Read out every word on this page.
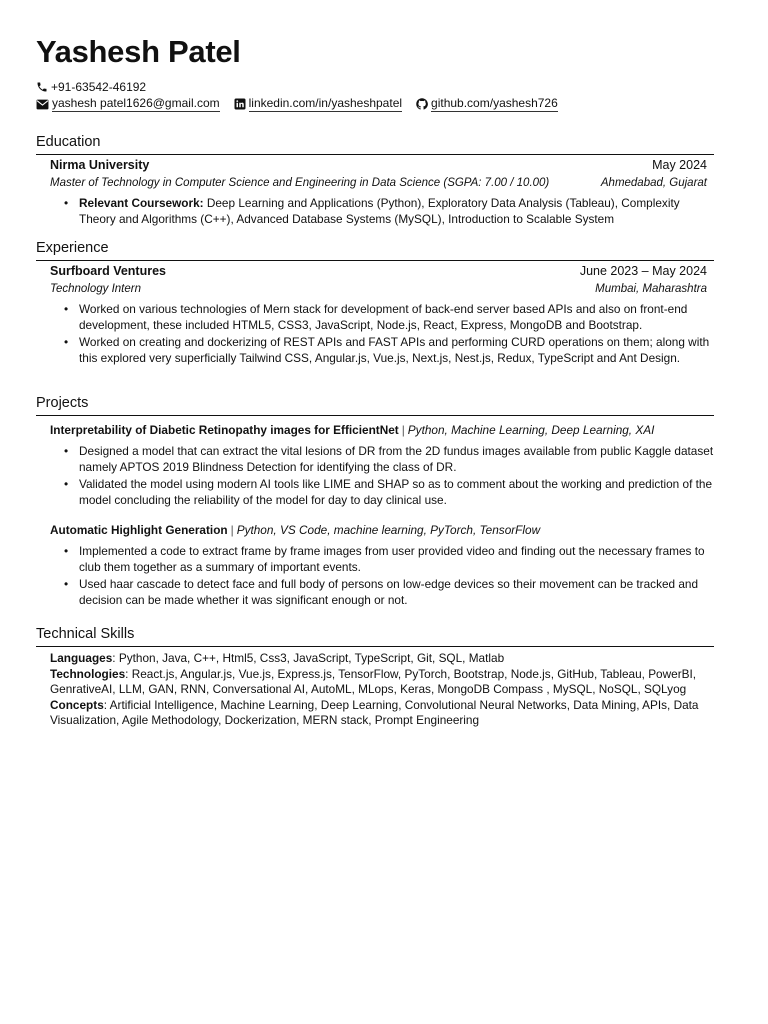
Yashesh Patel
+91-63542-46192
yashesh patel1626@gmail.com linkedin.com/in/yasheshpatel github.com/yashesh726
Education
Nirma University	May 2024
Master of Technology in Computer Science and Engineering in Data Science (SGPA: 7.00 / 10.00)	Ahmedabad, Gujarat
• Relevant Coursework: Deep Learning and Applications (Python), Exploratory Data Analysis (Tableau), Complexity Theory and Algorithms (C++), Advanced Database Systems (MySQL), Introduction to Scalable System
Experience
Surfboard Ventures	June 2023 – May 2024
Technology Intern	Mumbai, Maharashtra
• Worked on various technologies of Mern stack for development of back-end server based APIs and also on front-end development, these included HTML5, CSS3, JavaScript, Node.js, React, Express, MongoDB and Bootstrap.
• Worked on creating and dockerizing of REST APIs and FAST APIs and performing CURD operations on them; along with this explored very superficially Tailwind CSS, Angular.js, Vue.js, Next.js, Nest.js, Redux, TypeScript and Ant Design.
Projects
Interpretability of Diabetic Retinopathy images for EfficientNet | Python, Machine Learning, Deep Learning, XAI
• Designed a model that can extract the vital lesions of DR from the 2D fundus images available from public Kaggle dataset namely APTOS 2019 Blindness Detection for identifying the class of DR.
• Validated the model using modern AI tools like LIME and SHAP so as to comment about the working and prediction of the model concluding the reliability of the model for day to day clinical use.
Automatic Highlight Generation | Python, VS Code, machine learning, PyTorch, TensorFlow
• Implemented a code to extract frame by frame images from user provided video and finding out the necessary frames to club them together as a summary of important events.
• Used haar cascade to detect face and full body of persons on low-edge devices so their movement can be tracked and decision can be made whether it was significant enough or not.
Technical Skills
Languages: Python, Java, C++, Html5, Css3, JavaScript, TypeScript, Git, SQL, Matlab
Technologies: React.js, Angular.js, Vue.js, Express.js, TensorFlow, PyTorch, Bootstrap, Node.js, GitHub, Tableau, PowerBI, GenrativeAI, LLM, GAN, RNN, Conversational AI, AutoML, MLops, Keras, MongoDB Compass , MySQL, NoSQL, SQLyog
Concepts: Artificial Intelligence, Machine Learning, Deep Learning, Convolutional Neural Networks, Data Mining, APIs, Data Visualization, Agile Methodology, Dockerization, MERN stack, Prompt Engineering
